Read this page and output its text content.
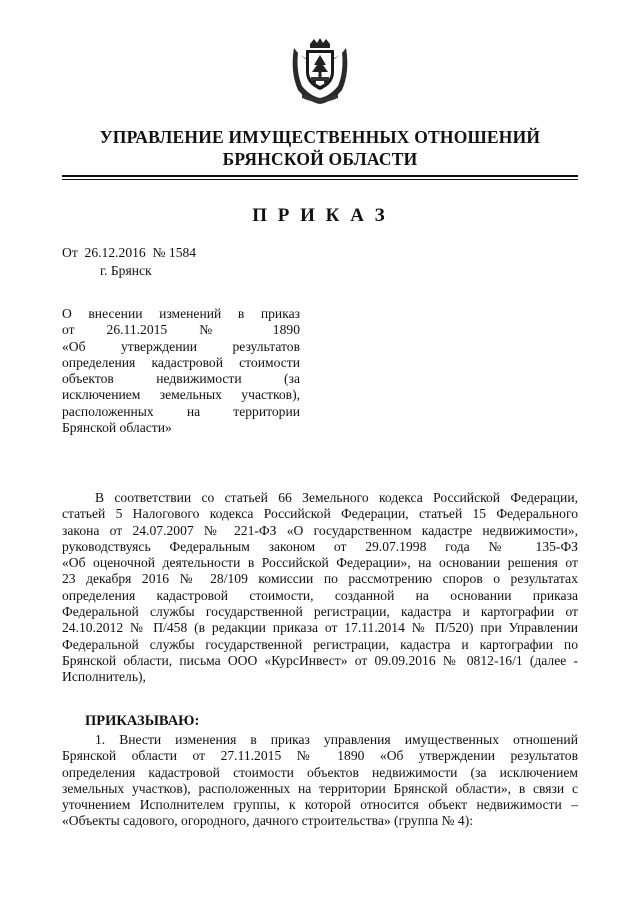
УПРАВЛЕНИЕ ИМУЩЕСТВЕННЫХ ОТНОШЕНИЙ
БРЯНСКОЙ ОБЛАСТИ
П Р И К А З
От  26.12.2016  № 1584
г. Брянск
О внесении изменений в приказ
от 26.11.2015 № 1890
«Об утверждении результатов
определения кадастровой стоимости
объектов недвижимости (за
исключением земельных участков),
расположенных на территории
Брянской области»
В соответствии со статьей 66 Земельного кодекса Российской Федерации,
статьей 5 Налогового кодекса Российской Федерации, статьей 15 Федерального
закона от 24.07.2007 № 221-ФЗ «О государственном кадастре недвижимости»,
руководствуясь Федеральным законом от 29.07.1998 года № 135-ФЗ
«Об оценочной деятельности в Российской Федерации», на основании решения от
23 декабря 2016 № 28/109 комиссии по рассмотрению споров о результатах
определения кадастровой стоимости, созданной на основании приказа
Федеральной службы государственной регистрации, кадастра и картографии от
24.10.2012 № П/458 (в редакции приказа от 17.11.2014 № П/520) при Управлении
Федеральной службы государственной регистрации, кадастра и картографии по
Брянской области, письма ООО «КурсИнвест» от 09.09.2016 № 0812-16/1 (далее -
Исполнитель),
ПРИКАЗЫВАЮ:
1. Внести изменения в приказ управления имущественных отношений
Брянской области от 27.11.2015 № 1890 «Об утверждении результатов
определения кадастровой стоимости объектов недвижимости (за исключением
земельных участков), расположенных на территории Брянской области», в связи с
уточнением Исполнителем группы, к которой относится объект недвижимости –
«Объекты садового, огородного, дачного строительства» (группа № 4):
